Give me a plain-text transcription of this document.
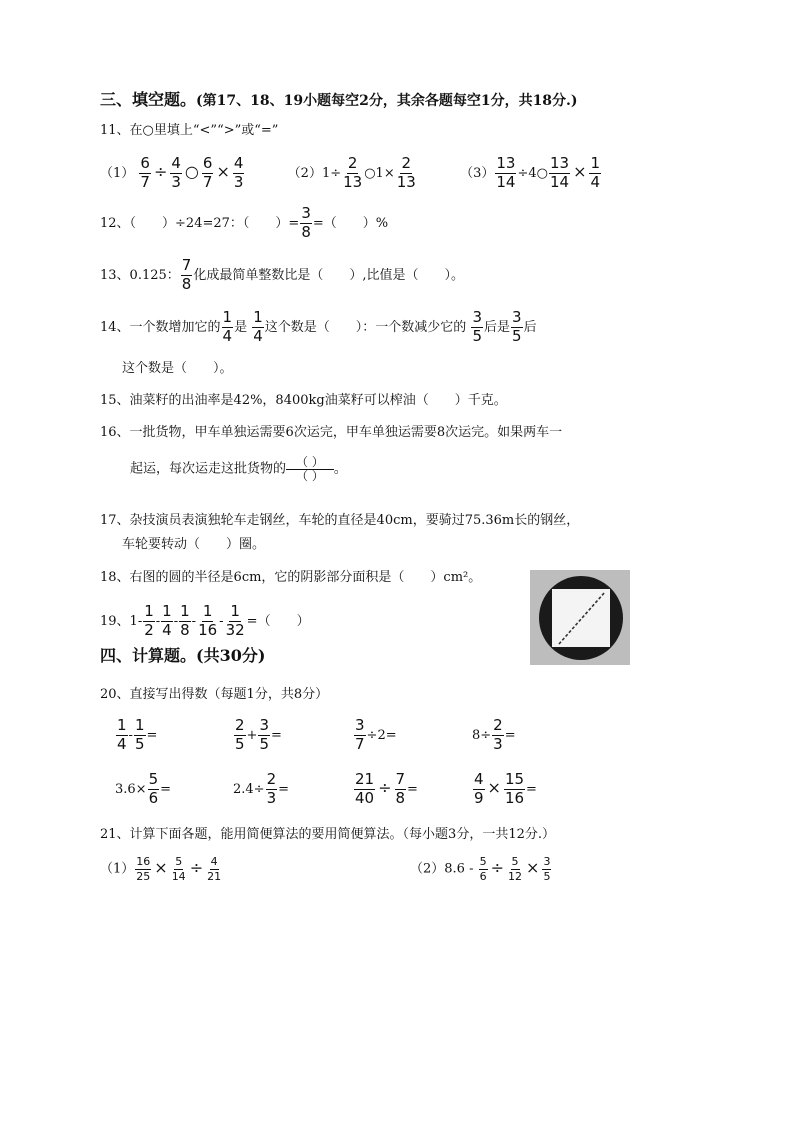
三、填空题。(第17、18、19小题每空2分，其余各题每空1分，共18分.)
11、在○里填上“<”“>”或“=”
$(1) \frac{6}{7} \div \frac{4}{3}$ ○ $\frac{6}{7} \times \frac{4}{3}$	$(2)1\div \frac{2}{13}$ ○1× $\frac{2}{13}$	$(3) \frac{13}{14}$ ÷4○ $\frac{13}{14} \times \frac{1}{4}$
12、（　　）÷24=27：（　　）= $\frac{3}{8}$ =（　　）%
13、0.125： $\frac{7}{8}$ 化成最简单整数比是（　　）,比值是（　　）。
14、一个数增加它的 $\frac{1}{4}$ 是 $\frac{1}{4}$ 这个数是（　　）：一个数减少它的 $\frac{3}{5}$ 后是 $\frac{3}{5}$ 后
这个数是（　　）。
15、油菜籽的出油率是42%，8400kg油菜籽可以榨油（　　）千克。
16、一批货物，甲车单独运需要6次运完，甲车单独运需要8次运完。如果两车一
起运，每次运走这批货物的 （ ）
（ ） 。
17、杂技演员表演独轮车走钢丝，车轮的直径是40cm，要骑过75.36m长的钢丝，
车轮要转动（　　）圈。
18、右图的圆的半径是6cm，它的阴影部分面积是（　　）cm²。
19、$1- \frac{1}{2} - \frac{1}{4} - \frac{1}{8} - \frac{1}{16} - \frac{1}{32}$ =（　　）
四、计算题。(共30分)
20、直接写出得数（每题1分，共8分）
$\frac{1}{4} - \frac{1}{5}$ =	$\frac{2}{5} + \frac{3}{5}$ =	$\frac{3}{7} \div 2=$	$8\div \frac{2}{3}$ =
$3.6\times \frac{5}{6}$ =	$2.4\div \frac{2}{3}$ =	$\frac{21}{40} \div \frac{7}{8}$ =	$\frac{4}{9} \times \frac{15}{16}$ =
21、计算下面各题，能用简便算法的要用简便算法。（每小题3分，一共12分.）
$(1) \frac{16}{25} \times \frac{5}{14} \div \frac{4}{21}$	$(2)8.6 - \frac{5}{6} \div \frac{5}{12} \times \frac{3}{5}$
